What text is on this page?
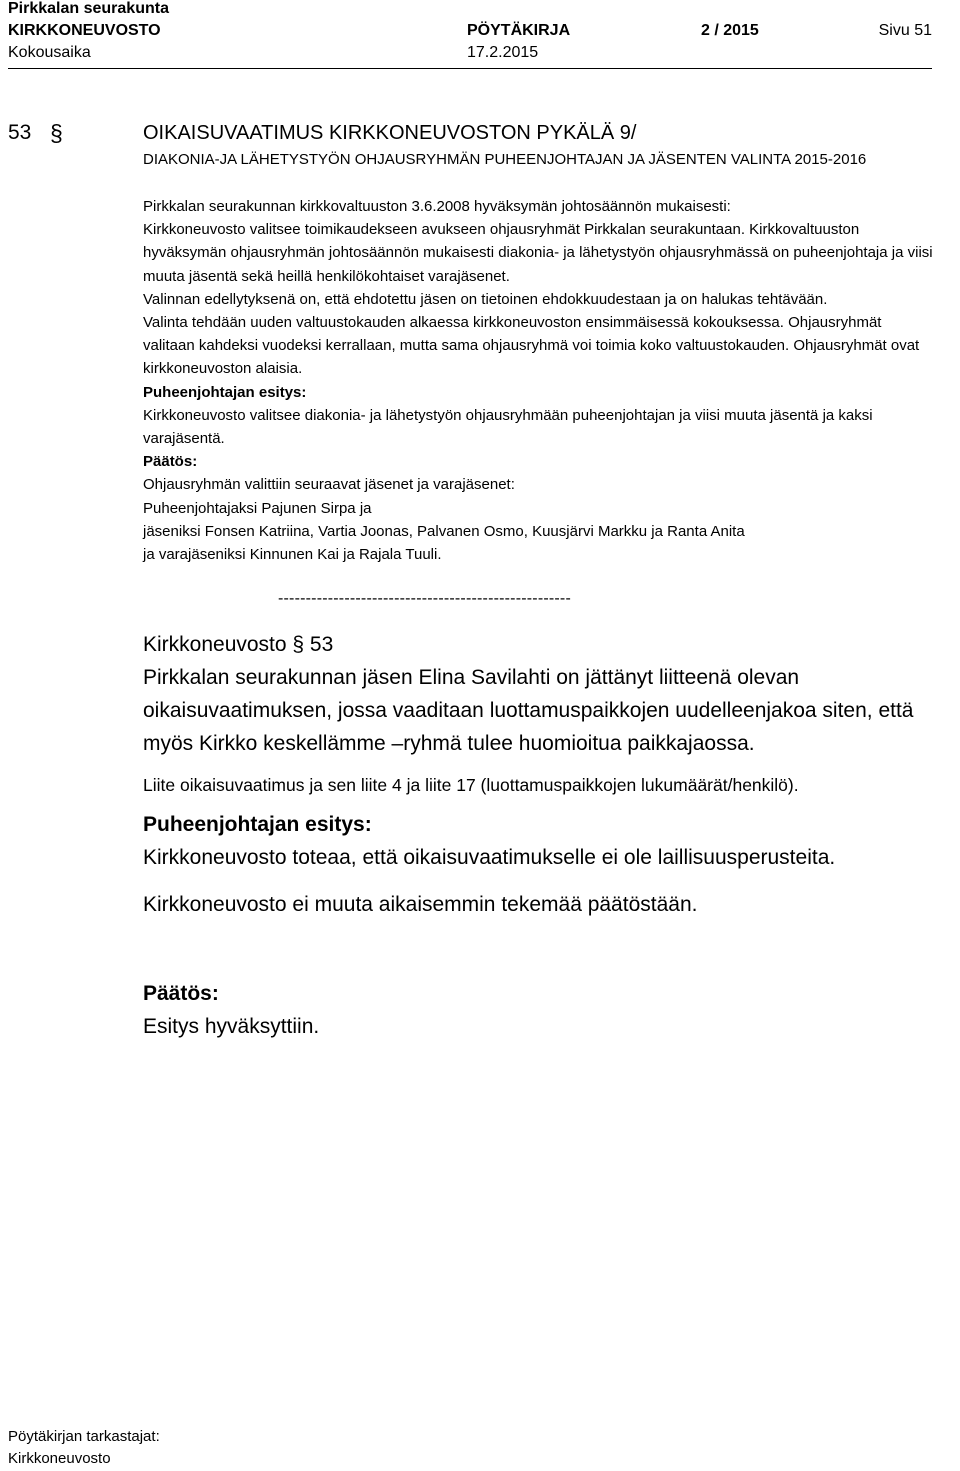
Pirkkalan seurakunta
KIRKKONEUVOSTO	PÖYTÄKIRJA	2 / 2015	Sivu 51
Kokousaika	17.2.2015
53 §	OIKAISUVAATIMUS KIRKKONEUVOSTON PYKÄLÄ 9/
DIAKONIA-JA LÄHETYSTYÖN OHJAUSRYHMÄN PUHEENJOHTAJAN JA JÄSENTEN VALINTA 2015-2016

Pirkkalan seurakunnan kirkkovaltuuston 3.6.2008 hyväksymän johtosäännön mukaisesti:

Kirkkoneuvosto valitsee toimikaudekseen avukseen ohjausryhmät Pirkkalan seurakuntaan. Kirkkovaltuuston hyväksymän ohjausryhmän johtosäännön mukaisesti diakonia- ja lähetystyön ohjausryhmässä on puheenjohtaja ja viisi muuta jäsentä sekä heillä henkilökohtaiset varajäsenet.

Valinnan edellytyksenä on, että ehdotettu jäsen on tietoinen ehdokkuudestaan ja on halukas tehtävään.

Valinta tehdään uuden valtuustokauden alkaessa kirkkoneuvoston ensimmäisessä kokouksessa. Ohjausryhmät valitaan kahdeksi vuodeksi kerrallaan, mutta sama ohjausryhmä voi toimia koko valtuustokauden. Ohjausryhmät ovat kirkkoneuvoston alaisia.

Puheenjohtajan esitys:

Kirkkoneuvosto valitsee diakonia- ja lähetystyön ohjausryhmään puheenjohtajan ja viisi muuta jäsentä ja kaksi varajäsentä.

Päätös:

Ohjausryhmän valittiin seuraavat jäsenet ja varajäsenet:

Puheenjohtajaksi Pajunen Sirpa ja

jäseniksi Fonsen Katriina, Vartia Joonas, Palvanen Osmo, Kuusjärvi Markku ja Ranta Anita

ja varajäseniksi Kinnunen Kai ja Rajala Tuuli.

-----------------------------------------------------

Kirkkoneuvosto § 53

Pirkkalan seurakunnan jäsen Elina Savilahti on jättänyt liitteenä olevan oikaisuvaatimuksen, jossa vaaditaan luottamuspaikkojen uudelleenjakoa siten, että myös Kirkko keskellämme –ryhmä tulee huomioitua paikkajaossa.

Liite oikaisuvaatimus ja sen liite 4 ja liite 17 (luottamuspaikkojen lukumäärät/henkilö).

Puheenjohtajan esitys:

Kirkkoneuvosto toteaa, että oikaisuvaatimukselle ei ole laillisuusperusteita.

Kirkkoneuvosto ei muuta aikaisemmin tekemää päätöstään.

Päätös:

Esitys hyväksyttiin.

Pöytäkirjan tarkastajat:
Kirkkoneuvosto
